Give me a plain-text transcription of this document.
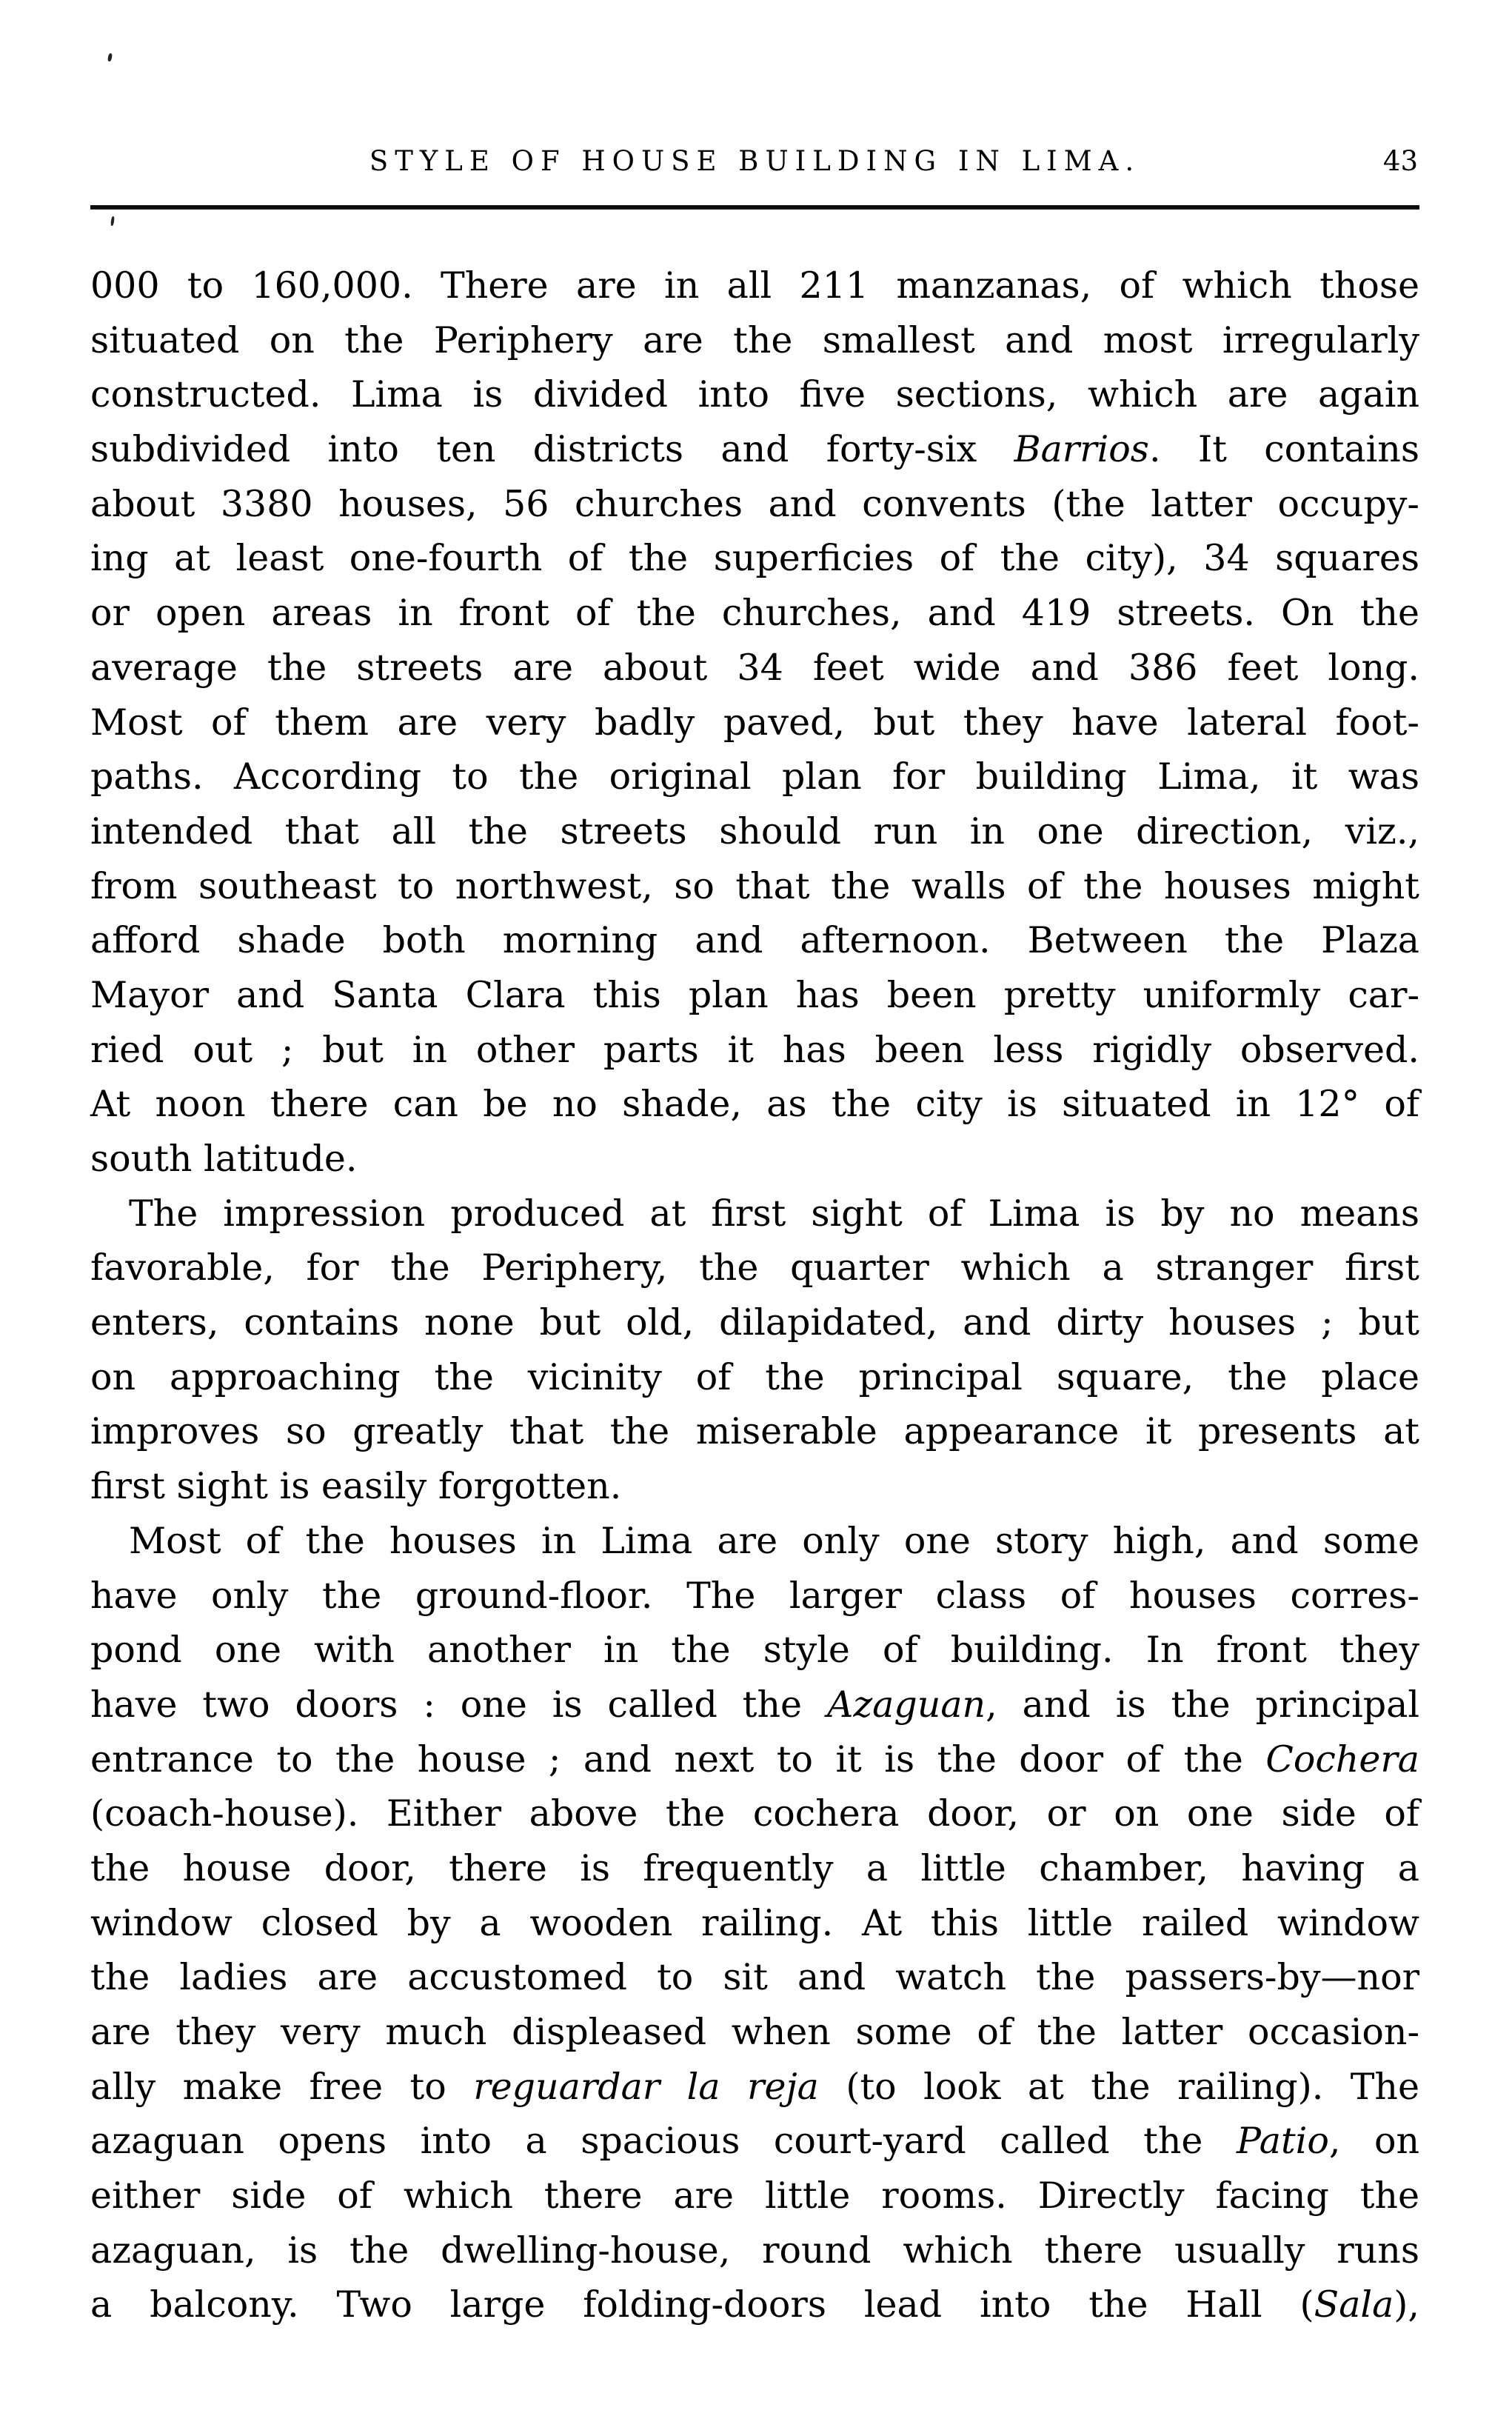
STYLE OF HOUSE BUILDING IN LIMA.	43
000 to 160,000. There are in all 211 manzanas, of which those
situated on the Periphery are the smallest and most irregularly
constructed. Lima is divided into five sections, which are again
subdivided into ten districts and forty-six Barrios. It contains
about 3380 houses, 56 churches and convents (the latter occupy-
ing at least one-fourth of the superficies of the city), 34 squares
or open areas in front of the churches, and 419 streets. On the
average the streets are about 34 feet wide and 386 feet long.
Most of them are very badly paved, but they have lateral foot-
paths. According to the original plan for building Lima, it was
intended that all the streets should run in one direction, viz.,
from southeast to northwest, so that the walls of the houses might
afford shade both morning and afternoon. Between the Plaza
Mayor and Santa Clara this plan has been pretty uniformly car-
ried out ; but in other parts it has been less rigidly observed.
At noon there can be no shade, as the city is situated in 12° of
south latitude.
The impression produced at first sight of Lima is by no means
favorable, for the Periphery, the quarter which a stranger first
enters, contains none but old, dilapidated, and dirty houses ; but
on approaching the vicinity of the principal square, the place
improves so greatly that the miserable appearance it presents at
first sight is easily forgotten.
Most of the houses in Lima are only one story high, and some
have only the ground-floor. The larger class of houses corres-
pond one with another in the style of building. In front they
have two doors : one is called the Azaguan, and is the principal
entrance to the house ; and next to it is the door of the Cochera
(coach-house). Either above the cochera door, or on one side of
the house door, there is frequently a little chamber, having a
window closed by a wooden railing. At this little railed window
the ladies are accustomed to sit and watch the passers-by—nor
are they very much displeased when some of the latter occasion-
ally make free to reguardar la reja (to look at the railing). The
azaguan opens into a spacious court-yard called the Patio, on
either side of which there are little rooms. Directly facing the
azaguan, is the dwelling-house, round which there usually runs
a balcony. Two large folding-doors lead into the Hall (Sala),
